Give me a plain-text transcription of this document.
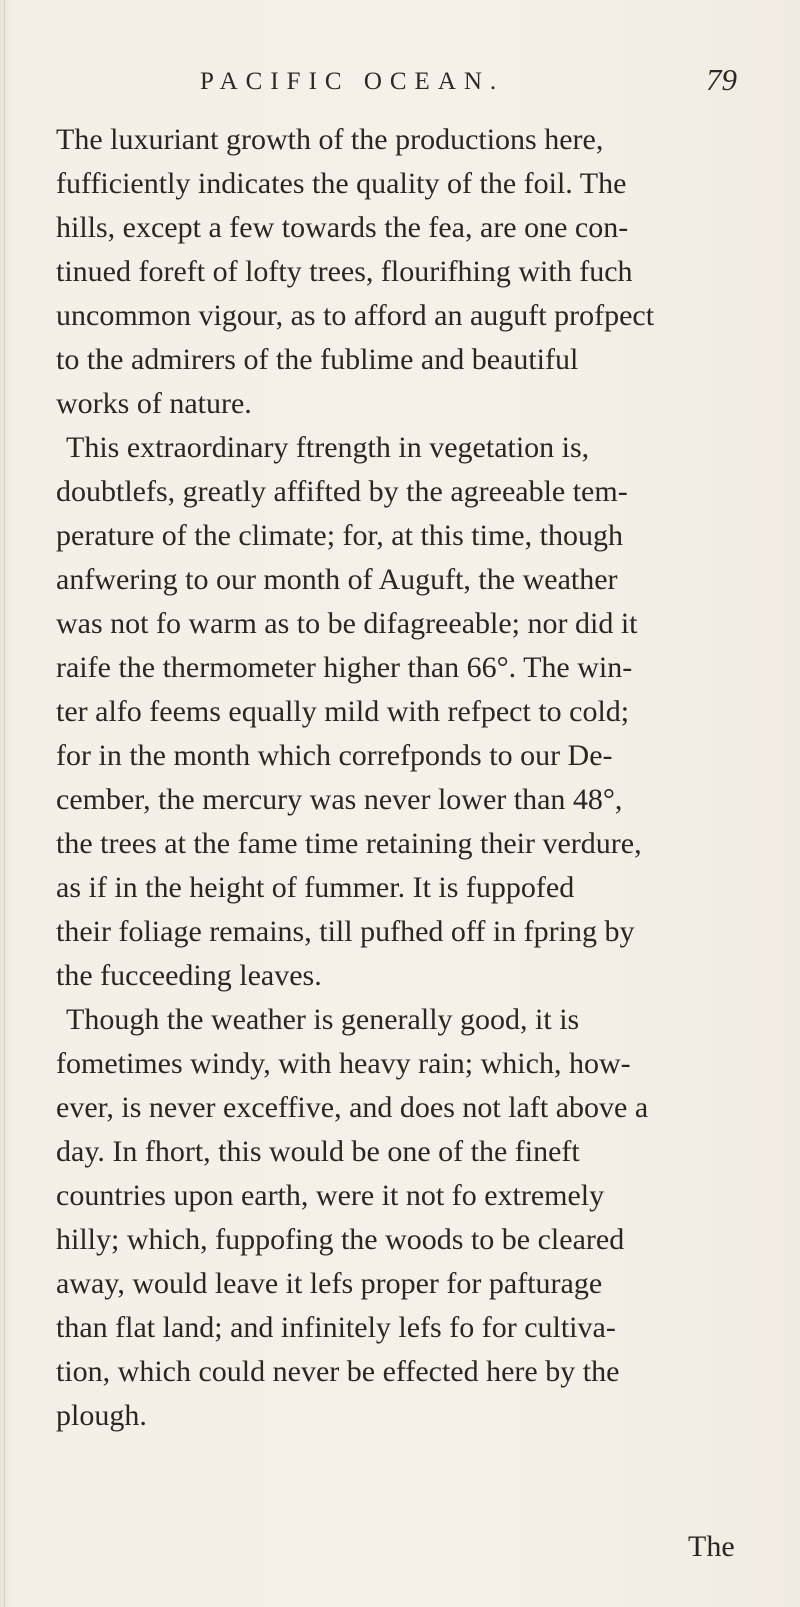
PACIFIC OCEAN.	79
The luxuriant growth of the productions here,
fufficiently indicates the quality of the foil. The
hills, except a few towards the fea, are one con-
tinued foreft of lofty trees, flourifhing with fuch
uncommon vigour, as to afford an auguft profpect
to the admirers of the fublime and beautiful
works of nature.
This extraordinary ftrength in vegetation is,
doubtlefs, greatly affifted by the agreeable tem-
perature of the climate; for, at this time, though
anfwering to our month of Auguft, the weather
was not fo warm as to be difagreeable; nor did it
raife the thermometer higher than 66°. The win-
ter alfo feems equally mild with refpect to cold;
for in the month which correfponds to our De-
cember, the mercury was never lower than 48°,
the trees at the fame time retaining their verdure,
as if in the height of fummer. It is fuppofed
their foliage remains, till pufhed off in fpring by
the fucceeding leaves.
Though the weather is generally good, it is
fometimes windy, with heavy rain; which, how-
ever, is never exceffive, and does not laft above a
day. In fhort, this would be one of the fineft
countries upon earth, were it not fo extremely
hilly; which, fuppofing the woods to be cleared
away, would leave it lefs proper for pafturage
than flat land; and infinitely lefs fo for cultiva-
tion, which could never be effected here by the
plough.
The
